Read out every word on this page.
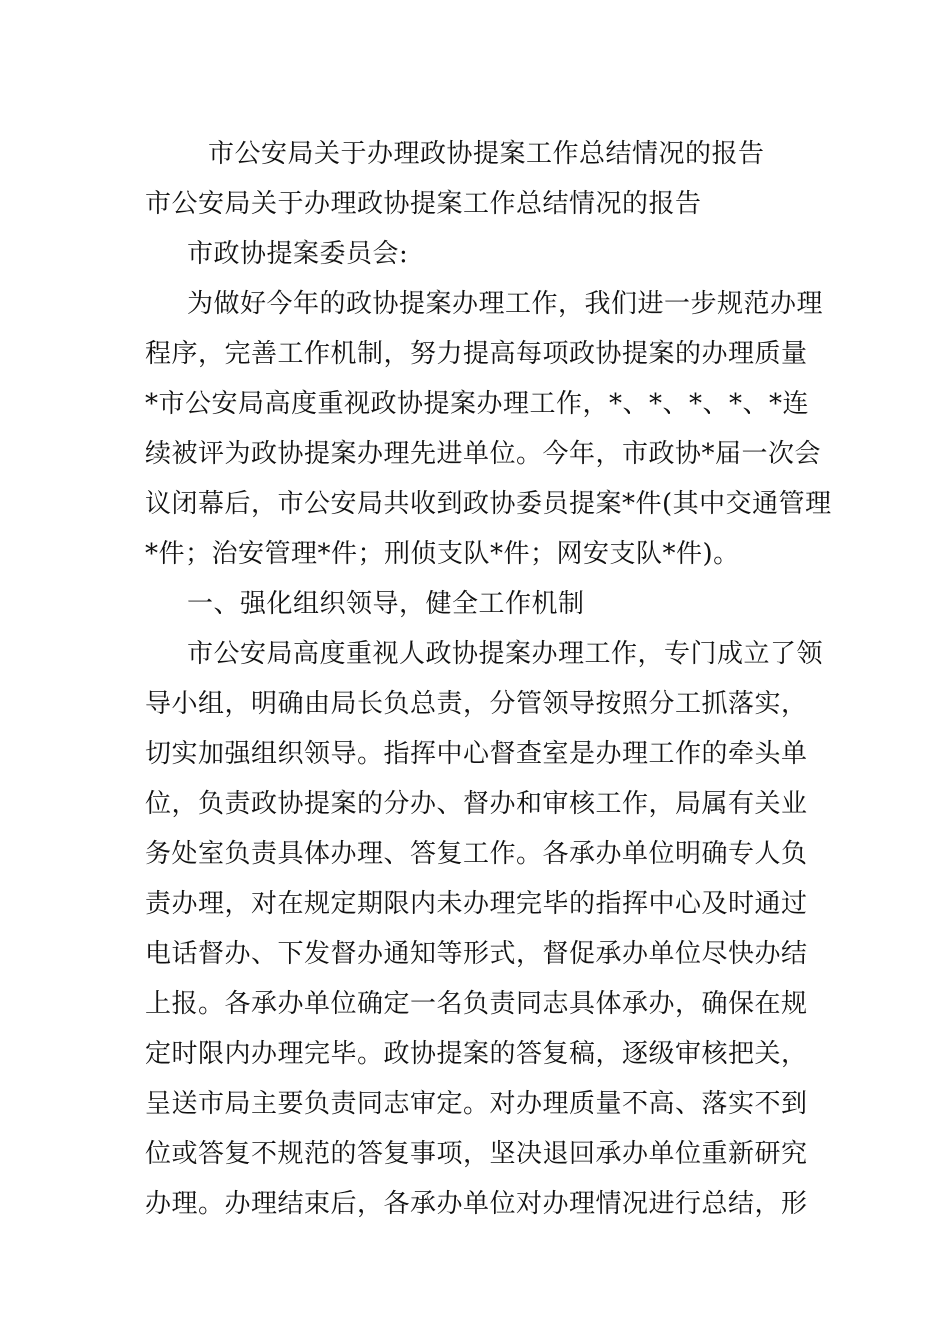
市公安局关于办理政协提案工作总结情况的报告
市公安局关于办理政协提案工作总结情况的报告
市政协提案委员会:
为做好今年的政协提案办理工作，我们进一步规范办理
程序，完善工作机制，努力提高每项政协提案的办理质量
*市公安局高度重视政协提案办理工作，*、*、*、*、*连
续被评为政协提案办理先进单位。今年，市政协*届一次会
议闭幕后，市公安局共收到政协委员提案*件(其中交通管理
*件；治安管理*件；刑侦支队*件；网安支队*件)。
一、强化组织领导，健全工作机制
市公安局高度重视人政协提案办理工作，专门成立了领
导小组，明确由局长负总责，分管领导按照分工抓落实，
切实加强组织领导。指挥中心督查室是办理工作的牵头单
位，负责政协提案的分办、督办和审核工作，局属有关业
务处室负责具体办理、答复工作。各承办单位明确专人负
责办理，对在规定期限内未办理完毕的指挥中心及时通过
电话督办、下发督办通知等形式，督促承办单位尽快办结
上报。各承办单位确定一名负责同志具体承办，确保在规
定时限内办理完毕。政协提案的答复稿，逐级审核把关，
呈送市局主要负责同志审定。对办理质量不高、落实不到
位或答复不规范的答复事项，坚决退回承办单位重新研究
办理。办理结束后，各承办单位对办理情况进行总结，形
